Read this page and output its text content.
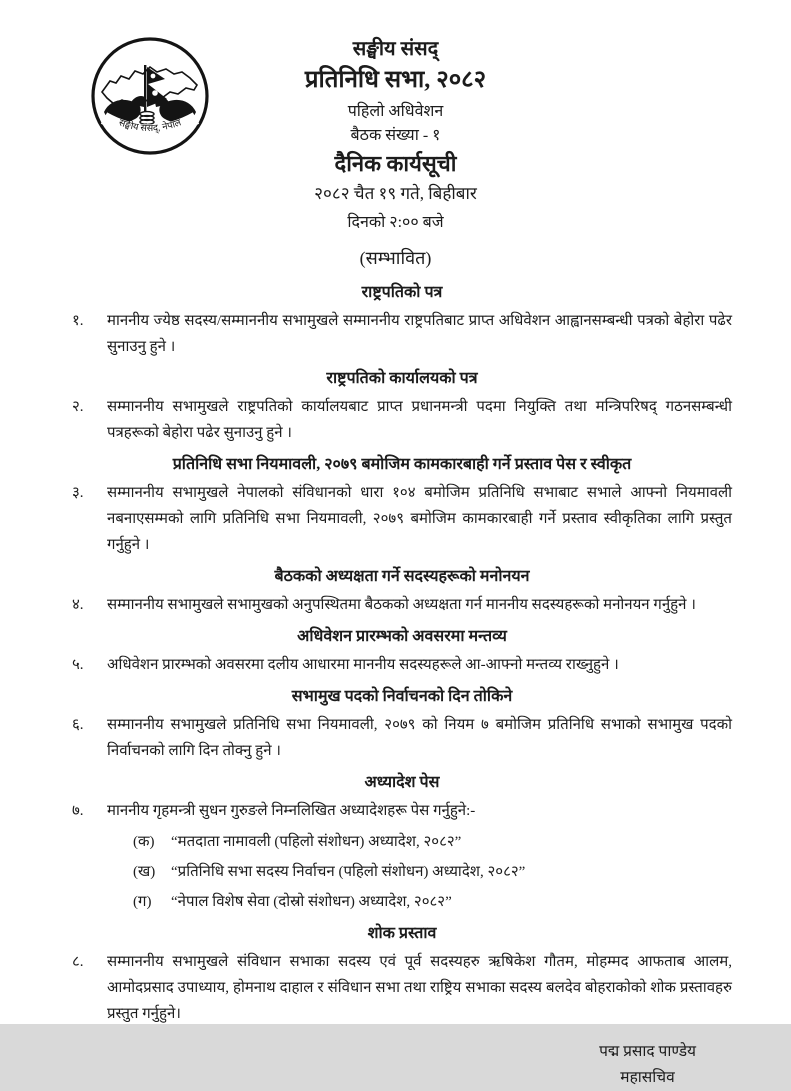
सङ्घीय संसद्, नेपाल
सङ्घीय संसद्
प्रतिनिधि सभा, २०८२
पहिलो अधिवेशन
बैठक संख्या - १
दैनिक कार्यसूची
२०८२ चैत १९ गते, बिहीबार
दिनको २:०० बजे
(सम्भावित)
राष्ट्रपतिको पत्र
१.	माननीय ज्येष्ठ सदस्य/सम्माननीय सभामुखले सम्माननीय राष्ट्रपतिबाट प्राप्त अधिवेशन आह्वानसम्बन्धी पत्रको बेहोरा पढेर सुनाउनु हुने ।
राष्ट्रपतिको कार्यालयको पत्र
२.	सम्माननीय सभामुखले राष्ट्रपतिको कार्यालयबाट प्राप्त प्रधानमन्त्री पदमा नियुक्ति तथा मन्त्रिपरिषद् गठनसम्बन्धी पत्रहरूको बेहोरा पढेर सुनाउनु हुने ।
प्रतिनिधि सभा नियमावली, २०७९ बमोजिम कामकारबाही गर्ने प्रस्ताव पेस र स्वीकृत
३.	सम्माननीय सभामुखले नेपालको संविधानको धारा १०४ बमोजिम प्रतिनिधि सभाबाट सभाले आफ्नो नियमावली नबनाएसम्मको लागि प्रतिनिधि सभा नियमावली, २०७९ बमोजिम कामकारबाही गर्ने प्रस्ताव स्वीकृतिका लागि प्रस्तुत गर्नुहुने ।
बैठकको अध्यक्षता गर्ने सदस्यहरूको मनोनयन
४.	सम्माननीय सभामुखले सभामुखको अनुपस्थितमा बैठकको अध्यक्षता गर्न माननीय सदस्यहरूको मनोनयन गर्नुहुने ।
अधिवेशन प्रारम्भको अवसरमा मन्तव्य
५.	अधिवेशन प्रारम्भको अवसरमा दलीय आधारमा माननीय सदस्यहरूले आ-आफ्नो मन्तव्य राख्नुहुने ।
सभामुख पदको निर्वाचनको दिन तोकिने
६.	सम्माननीय सभामुखले प्रतिनिधि सभा नियमावली, २०७९ को नियम ७ बमोजिम प्रतिनिधि सभाको सभामुख पदको निर्वाचनको लागि दिन तोक्नु हुने ।
अध्यादेश पेस
७.	माननीय गृहमन्त्री सुधन गुरुङले निम्नलिखित अध्यादेशहरू पेस गर्नुहुने:-
(क)	“मतदाता नामावली (पहिलो संशोधन) अध्यादेश, २०८२”
(ख)	“प्रतिनिधि सभा सदस्य निर्वाचन (पहिलो संशोधन) अध्यादेश, २०८२”
(ग)	“नेपाल विशेष सेवा (दोस्रो संशोधन) अध्यादेश, २०८२”
शोक प्रस्ताव
८.	सम्माननीय सभामुखले संविधान सभाका सदस्य एवं पूर्व सदस्यहरु ऋषिकेश गौतम, मोहम्मद आफताब आलम, आमोदप्रसाद उपाध्याय, होमनाथ दाहाल र संविधान सभा तथा राष्ट्रिय सभाका सदस्य बलदेव बोहराकोको शोक प्रस्तावहरु प्रस्तुत गर्नुहुने।
पद्म प्रसाद पाण्डेय
महासचिव
